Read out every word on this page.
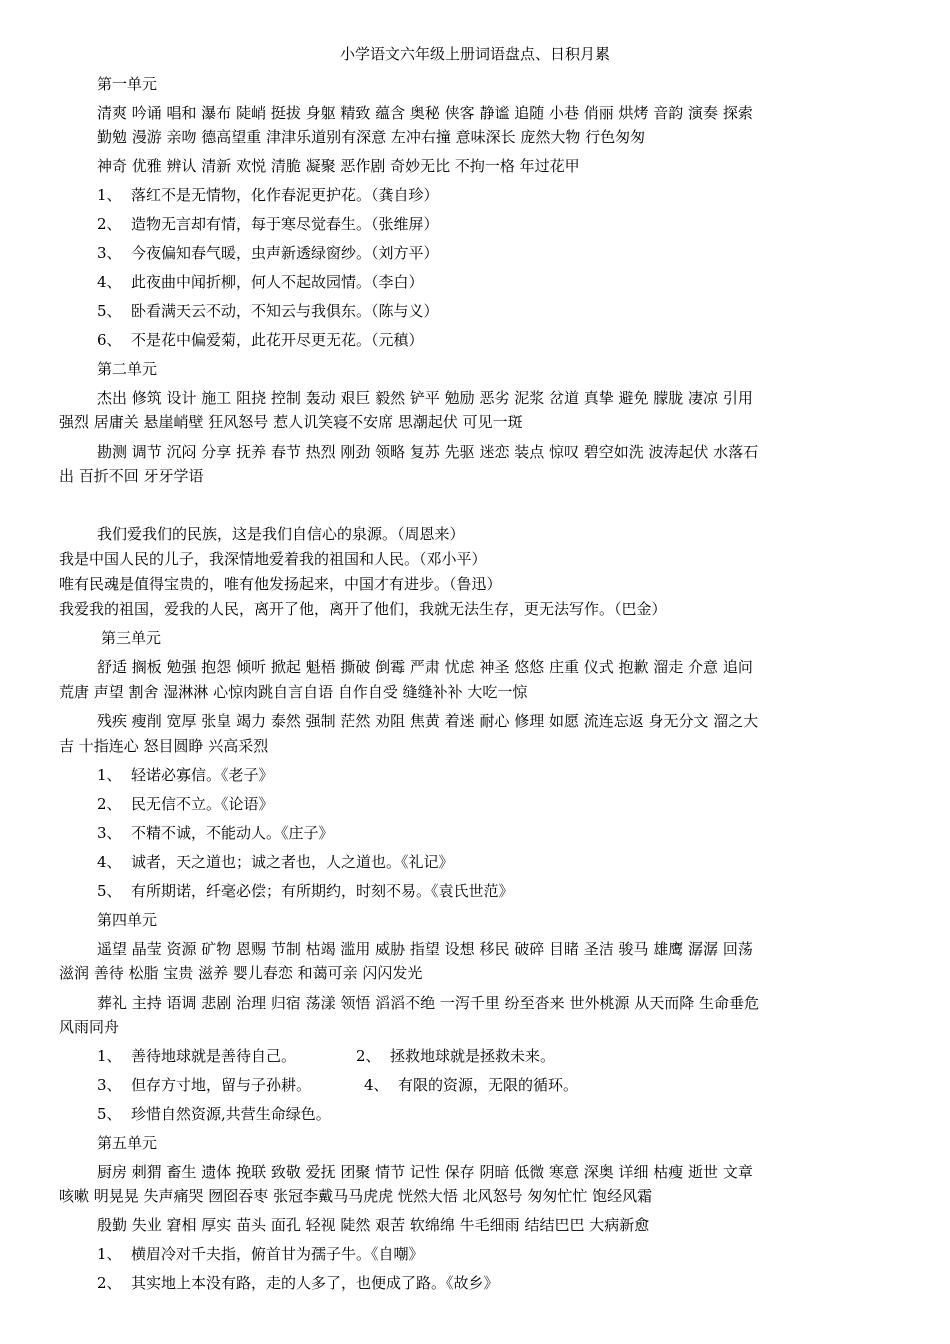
小学语文六年级上册词语盘点、日积月累
第一单元
清爽 吟诵 唱和 瀑布 陡峭 挺拔 身躯 精致 蕴含 奥秘 侠客 静谧 追随 小巷 俏丽 烘烤 音韵 演奏 探索
勤勉 漫游 亲吻 德高望重 津津乐道别有深意 左冲右撞 意味深长 庞然大物 行色匆匆
神奇 优雅 辨认 清新 欢悦 清脆 凝聚 恶作剧 奇妙无比 不拘一格 年过花甲
1、 落红不是无情物，化作春泥更护花。（龚自珍）
2、 造物无言却有情，每于寒尽觉春生。（张维屏）
3、 今夜偏知春气暖，虫声新透绿窗纱。（刘方平）
4、 此夜曲中闻折柳，何人不起故园情。（李白）
5、 卧看满天云不动，不知云与我俱东。（陈与义）
6、 不是花中偏爱菊，此花开尽更无花。（元稹）
第二单元
杰出 修筑 设计 施工 阻挠 控制 轰动 艰巨 毅然 铲平 勉励 恶劣 泥浆 岔道 真挚 避免 朦胧 凄凉 引用
强烈 居庸关 悬崖峭壁 狂风怒号 惹人讥笑寝不安席 思潮起伏 可见一斑
勘测 调节 沉闷 分享 抚养 春节 热烈 刚劲 领略 复苏 先驱 迷恋 装点 惊叹 碧空如洗 波涛起伏 水落石
出 百折不回 牙牙学语
我们爱我们的民族，这是我们自信心的泉源。（周恩来）
我是中国人民的儿子，我深情地爱着我的祖国和人民。（邓小平）
唯有民魂是值得宝贵的，唯有他发扬起来，中国才有进步。（鲁迅）
我爱我的祖国，爱我的人民，离开了他，离开了他们，我就无法生存，更无法写作。（巴金）
第三单元
舒适 搁板 勉强 抱怨 倾听 掀起 魁梧 撕破 倒霉 严肃 忧虑 神圣 悠悠 庄重 仪式 抱歉 溜走 介意 追问
荒唐 声望 割舍 湿淋淋 心惊肉跳自言自语 自作自受 缝缝补补 大吃一惊
残疾 瘦削 宽厚 张皇 竭力 泰然 强制 茫然 劝阻 焦黄 着迷 耐心 修理 如愿 流连忘返 身无分文 溜之大
吉 十指连心 怒目圆睁 兴高采烈
1、 轻诺必寡信。《老子》
2、 民无信不立。《论语》
3、 不精不诚，不能动人。《庄子》
4、 诚者，天之道也；诚之者也，人之道也。《礼记》
5、 有所期诺，纤毫必偿；有所期约，时刻不易。《袁氏世范》
第四单元
遥望 晶莹 资源 矿物 恩赐 节制 枯竭 滥用 威胁 指望 设想 移民 破碎 目睹 圣洁 骏马 雄鹰 潺潺 回荡
滋润 善待 松脂 宝贵 滋养 婴儿春恋 和蔼可亲 闪闪发光
葬礼 主持 语调 悲剧 治理 归宿 荡漾 领悟 滔滔不绝 一泻千里 纷至沓来 世外桃源 从天而降 生命垂危
风雨同舟
1、 善待地球就是善待自己。	2、 拯救地球就是拯救未来。
3、 但存方寸地，留与子孙耕。	4、 有限的资源，无限的循环。
5、 珍惜自然资源,共营生命绿色。
第五单元
厨房 刺猬 畜生 遗体 挽联 致敬 爱抚 团聚 情节 记性 保存 阴暗 低微 寒意 深奥 详细 枯瘦 逝世 文章
咳嗽 明晃晃 失声痛哭 囫囵吞枣 张冠李戴马马虎虎 恍然大悟 北风怒号 匆匆忙忙 饱经风霜
殷勤 失业 窘相 厚实 苗头 面孔 轻视 陡然 艰苦 软绵绵 牛毛细雨 结结巴巴 大病新愈
1、 横眉冷对千夫指，俯首甘为孺子牛。《自嘲》
2、 其实地上本没有路，走的人多了，也便成了路。《故乡》
